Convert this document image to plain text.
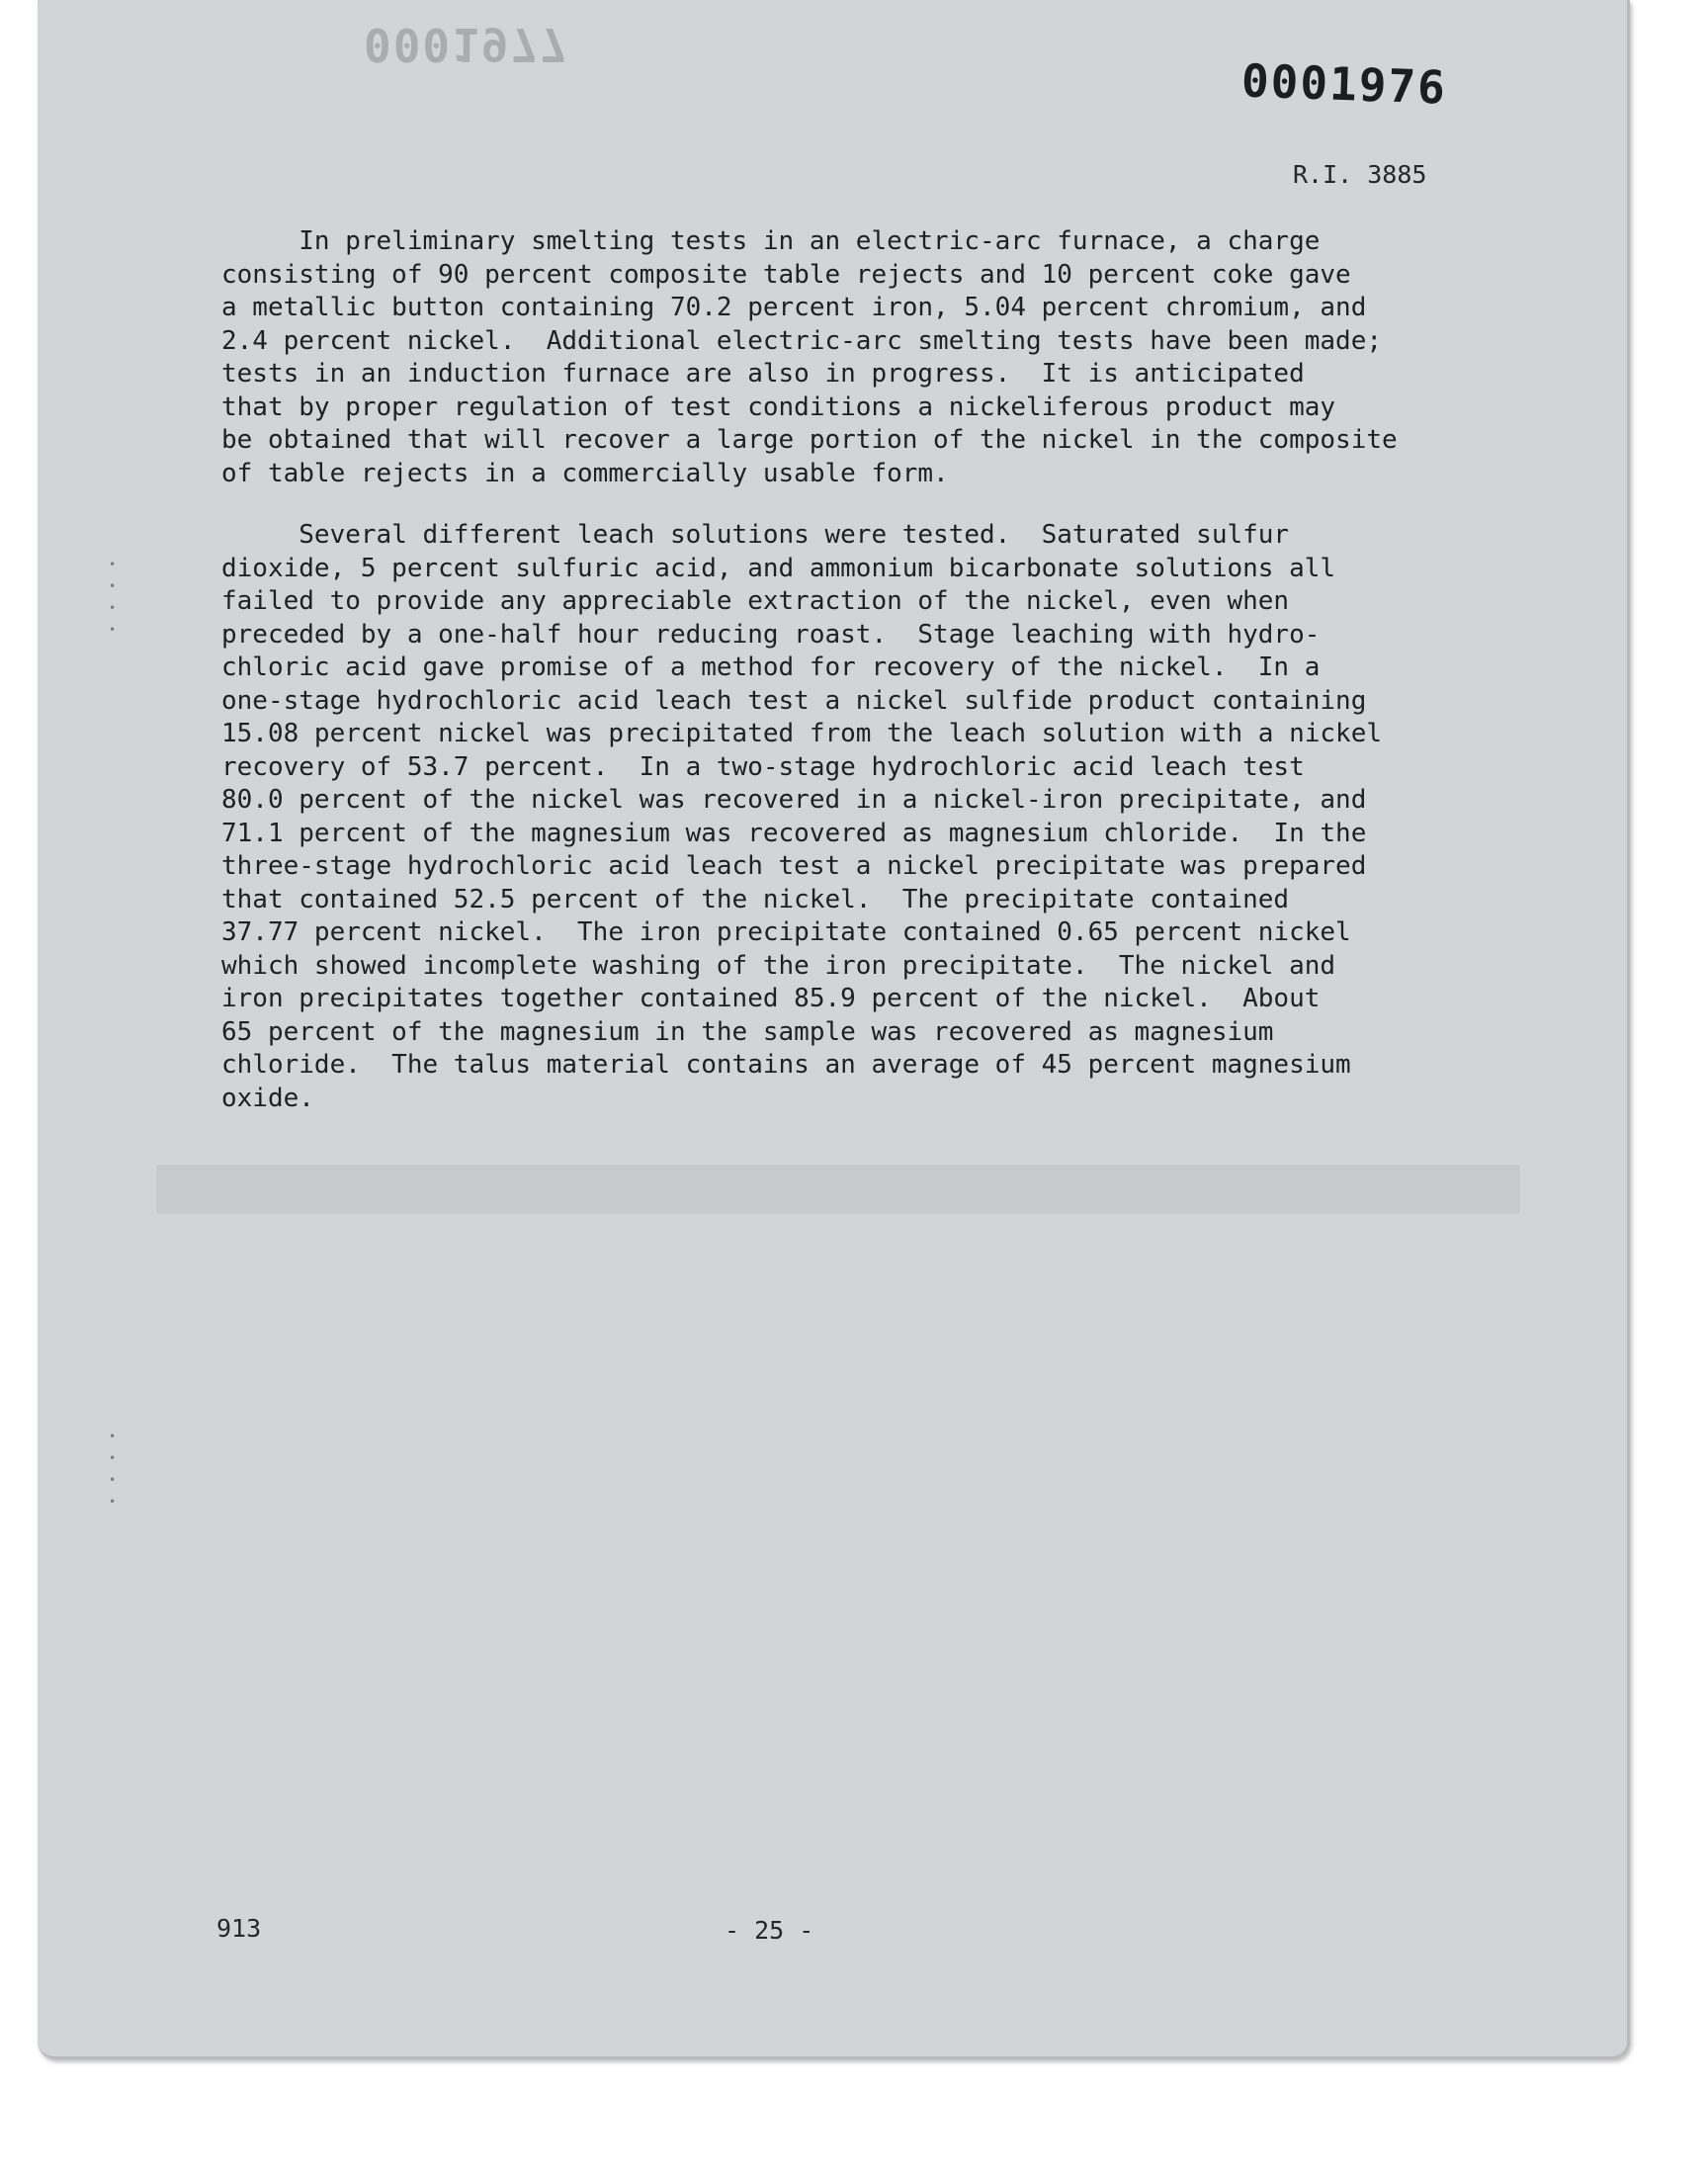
0001977
0001976
R.I. 3885
In preliminary smelting tests in an electric-arc furnace, a charge
consisting of 90 percent composite table rejects and 10 percent coke gave
a metallic button containing 70.2 percent iron, 5.04 percent chromium, and
2.4 percent nickel.  Additional electric-arc smelting tests have been made;
tests in an induction furnace are also in progress.  It is anticipated
that by proper regulation of test conditions a nickeliferous product may
be obtained that will recover a large portion of the nickel in the composite
of table rejects in a commercially usable form.
Several different leach solutions were tested.  Saturated sulfur
dioxide, 5 percent sulfuric acid, and ammonium bicarbonate solutions all
failed to provide any appreciable extraction of the nickel, even when
preceded by a one-half hour reducing roast.  Stage leaching with hydro-
chloric acid gave promise of a method for recovery of the nickel.  In a
one-stage hydrochloric acid leach test a nickel sulfide product containing
15.08 percent nickel was precipitated from the leach solution with a nickel
recovery of 53.7 percent.  In a two-stage hydrochloric acid leach test
80.0 percent of the nickel was recovered in a nickel-iron precipitate, and
71.1 percent of the magnesium was recovered as magnesium chloride.  In the
three-stage hydrochloric acid leach test a nickel precipitate was prepared
that contained 52.5 percent of the nickel.  The precipitate contained
37.77 percent nickel.  The iron precipitate contained 0.65 percent nickel
which showed incomplete washing of the iron precipitate.  The nickel and
iron precipitates together contained 85.9 percent of the nickel.  About
65 percent of the magnesium in the sample was recovered as magnesium
chloride.  The talus material contains an average of 45 percent magnesium
oxide.
•
•
•
•
•
•
•
•
913	- 25 -
